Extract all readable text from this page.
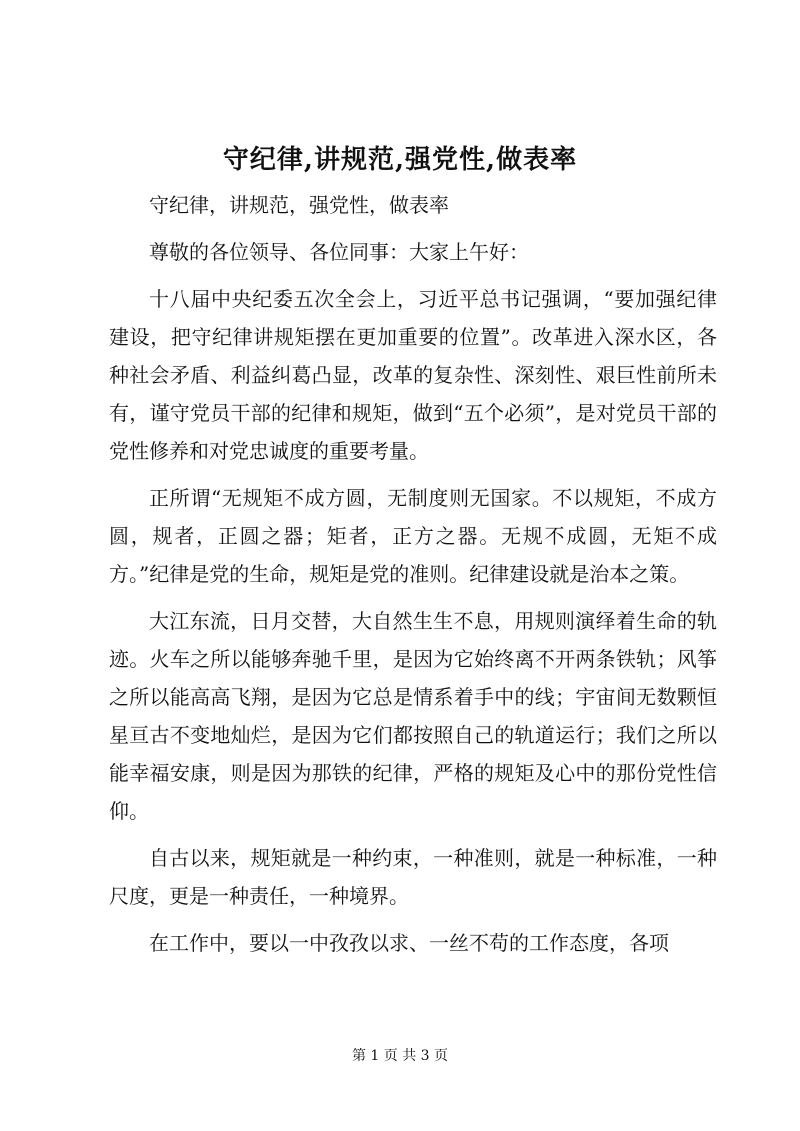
守纪律,讲规范,强党性,做表率

守纪律，讲规范，强党性，做表率

尊敬的各位领导、各位同事：大家上午好：

十八届中央纪委五次全会上，习近平总书记强调，“要加强纪律建设，把守纪律讲规矩摆在更加重要的位置”。改革进入深水区，各种社会矛盾、利益纠葛凸显，改革的复杂性、深刻性、艰巨性前所未有，谨守党员干部的纪律和规矩，做到“五个必须”，是对党员干部的党性修养和对党忠诚度的重要考量。

正所谓“无规矩不成方圆，无制度则无国家。不以规矩，不成方圆，规者，正圆之器；矩者，正方之器。无规不成圆，无矩不成方。”纪律是党的生命，规矩是党的准则。纪律建设就是治本之策。

大江东流，日月交替，大自然生生不息，用规则演绎着生命的轨迹。火车之所以能够奔驰千里，是因为它始终离不开两条铁轨；风筝之所以能高高飞翔，是因为它总是情系着手中的线；宇宙间无数颗恒星亘古不变地灿烂，是因为它们都按照自己的轨道运行；我们之所以能幸福安康，则是因为那铁的纪律，严格的规矩及心中的那份党性信仰。

自古以来，规矩就是一种约束，一种准则，就是一种标准，一种尺度，更是一种责任，一种境界。

在工作中，要以一中孜孜以求、一丝不苟的工作态度，各项

第 1 页 共 3 页
